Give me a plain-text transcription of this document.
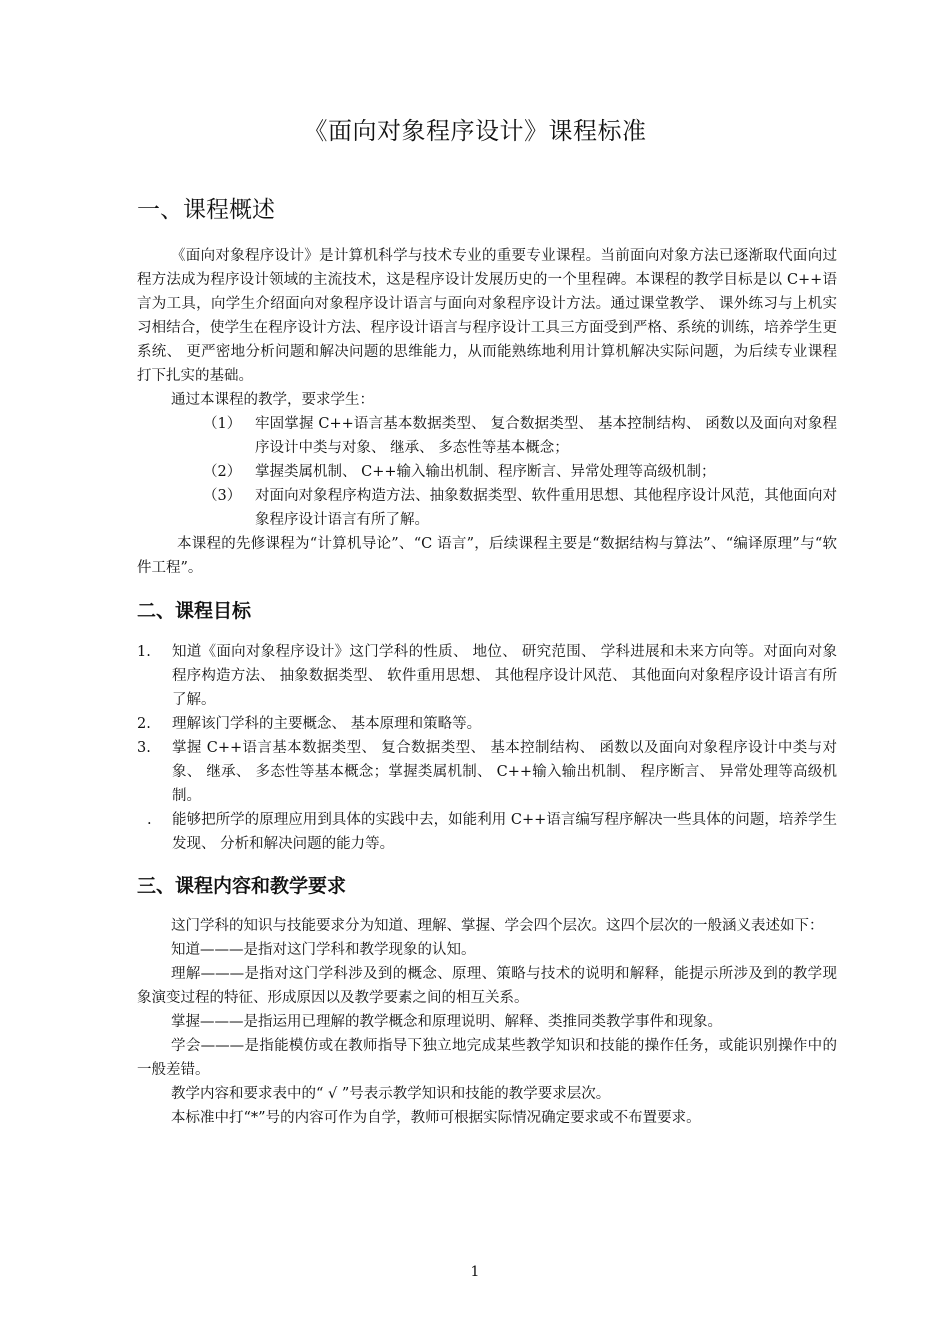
《面向对象程序设计》课程标准
一、课程概述

《面向对象程序设计》是计算机科学与技术专业的重要专业课程。当前面向对象方法已逐渐取代面向过程方法成为程序设计领域的主流技术，这是程序设计发展历史的一个里程碑。本课程的教学目标是以 C++语言为工具，向学生介绍面向对象程序设计语言与面向对象程序设计方法。通过课堂教学、 课外练习与上机实习相结合，使学生在程序设计方法、程序设计语言与程序设计工具三方面受到严格、系统的训练，培养学生更系统、 更严密地分析问题和解决问题的思维能力，从而能熟练地利用计算机解决实际问题，为后续专业课程打下扎实的基础。

通过本课程的教学，要求学生：

（1） 牢固掌握 C++语言基本数据类型、 复合数据类型、 基本控制结构、 函数以及面向对象程序设计中类与对象、 继承、 多态性等基本概念；
（2） 掌握类属机制、 C++输入输出机制、程序断言、异常处理等高级机制；
（3） 对面向对象程序构造方法、抽象数据类型、软件重用思想、其他程序设计风范，其他面向对象程序设计语言有所了解。

本课程的先修课程为“计算机导论”、“C 语言”，后续课程主要是“数据结构与算法”、“编译原理”与“软件工程”。

二、课程目标
1. 知道《面向对象程序设计》这门学科的性质、 地位、 研究范围、 学科进展和未来方向等。对面向对象程序构造方法、 抽象数据类型、 软件重用思想、 其他程序设计风范、 其他面向对象程序设计语言有所了解。
2. 理解该门学科的主要概念、 基本原理和策略等。
3. 掌握 C++语言基本数据类型、 复合数据类型、 基本控制结构、 函数以及面向对象程序设计中类与对象、 继承、 多态性等基本概念；掌握类属机制、 C++输入输出机制、 程序断言、 异常处理等高级机制。
. 能够把所学的原理应用到具体的实践中去，如能利用 C++语言编写程序解决一些具体的问题，培养学生发现、 分析和解决问题的能力等。
三、课程内容和教学要求

这门学科的知识与技能要求分为知道、理解、掌握、学会四个层次。这四个层次的一般涵义表述如下：

知道———是指对这门学科和教学现象的认知。

理解———是指对这门学科涉及到的概念、原理、策略与技术的说明和解释，能提示所涉及到的教学现象演变过程的特征、形成原因以及教学要素之间的相互关系。

掌握———是指运用已理解的教学概念和原理说明、解释、类推同类教学事件和现象。

学会———是指能模仿或在教师指导下独立地完成某些教学知识和技能的操作任务，或能识别操作中的一般差错。

教学内容和要求表中的“ √ ”号表示教学知识和技能的教学要求层次。

本标准中打“*”号的内容可作为自学，教师可根据实际情况确定要求或不布置要求。

1
